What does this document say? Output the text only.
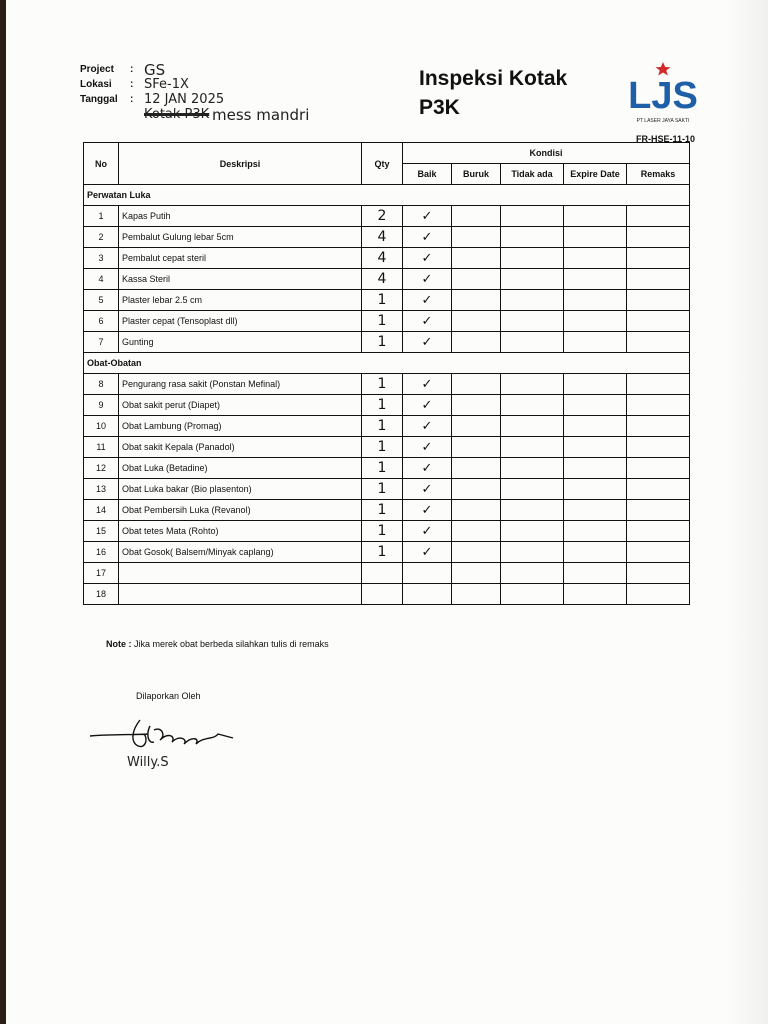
Project	: GS
Lokasi	: SFe-1X
Tanggal	: 12 JAN 2025
Kotak P3K
mess mandri
Inspeksi Kotak
P3K	LJS
PT LASER JAYA SAKTI
FR-HSE-11-10
No	Deskripsi	Qty	Kondisi				
			Baik	Buruk	Tidak ada	Expire Date	Remaks
Perwatan Luka							
1	Kapas Putih	2	✓				
2	Pembalut Gulung lebar 5cm	4	✓				
3	Pembalut cepat steril	4	✓				
4	Kassa Steril	4	✓				
5	Plaster lebar 2.5 cm	1	✓				
6	Plaster cepat (Tensoplast dll)	1	✓				
7	Gunting	1	✓				
Obat-Obatan							
8	Pengurang rasa sakit (Ponstan Mefinal)	1	✓				
9	Obat sakit perut (Diapet)	1	✓				
10	Obat Lambung (Promag)	1	✓				
11	Obat sakit Kepala (Panadol)	1	✓				
12	Obat Luka (Betadine)	1	✓				
13	Obat Luka bakar (Bio plasenton)	1	✓				
14	Obat Pembersih Luka (Revanol)	1	✓				
15	Obat tetes Mata (Rohto)	1	✓				
16	Obat Gosok( Balsem/Minyak caplang)	1	✓				
17							
18							
Note : Jika merek obat berbeda silahkan tulis di remaks
Dilaporkan Oleh
Willy.S
